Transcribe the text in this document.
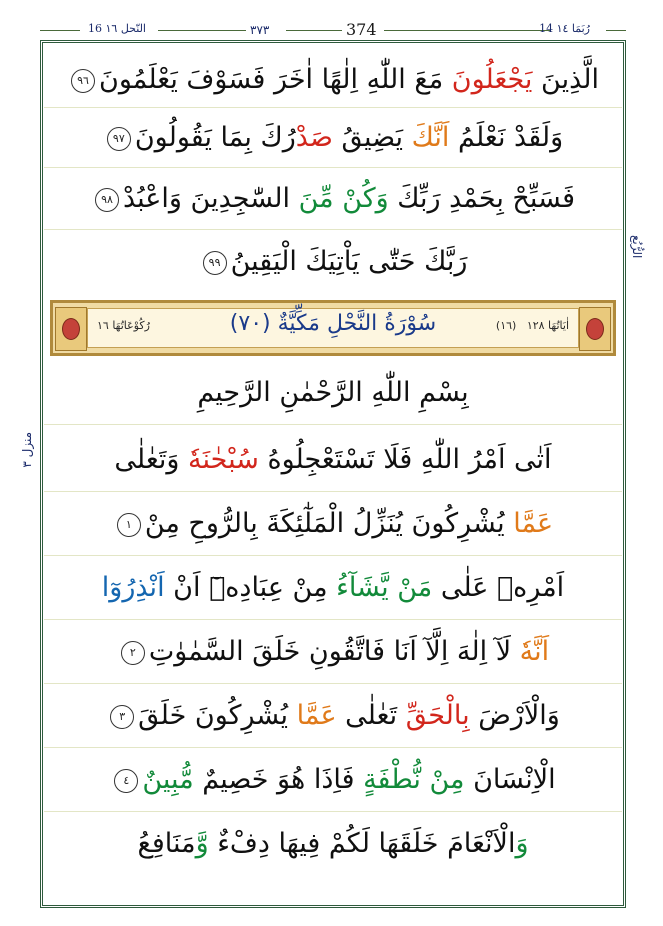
16 النّحل ١٦	٣٧٣	374	14 رُبَمَا ١٤
الَّذِينَ يَجْعَلُونَ مَعَ اللّٰهِ اِلٰهًا اٰخَرَ فَسَوْفَ يَعْلَمُونَ٩٦
وَلَقَدْ نَعْلَمُ اَنَّكَ يَضِيقُ صَدْرُكَ بِمَا يَقُولُونَ٩٧
فَسَبِّحْ بِحَمْدِ رَبِّكَ وَكُنْ مِّنَ السّٰجِدِينَ وَاعْبُدْ٩٨
رَبَّكَ حَتّٰى يَاْتِيَكَ الْيَقِينُ٩٩
سُوْرَةُ النَّحْلِ مَكِّيَّةٌ (٧٠)
رُكُوْعَاتُهَا ١٦	اٰيَاتُهَا ١٢٨   (١٦)
بِسْمِ اللّٰهِ الرَّحْمٰنِ الرَّحِيمِ
اَتٰى اَمْرُ اللّٰهِ فَلَا تَسْتَعْجِلُوهُ سُبْحٰنَهٗ وَتَعٰلٰى
عَمَّا يُشْرِكُونَ يُنَزِّلُ الْمَلٰٓئِكَةَ بِالرُّوحِ مِنْ١
اَمْرِهٖ عَلٰى مَنْ يَّشَآءُ مِنْ عِبَادِهٖٓ اَنْ اَنْذِرُوٓا
اَنَّهٗ لَآ اِلٰهَ اِلَّآ اَنَا فَاتَّقُونِ خَلَقَ السَّمٰوٰتِ٢
وَالْاَرْضَ بِالْحَقِّ تَعٰلٰى عَمَّا يُشْرِكُونَ خَلَقَ٣
الْاِنْسَانَ مِنْ نُّطْفَةٍ فَاِذَا هُوَ خَصِيمٌ مُّبِينٌ٤
وَالْاَنْعَامَ خَلَقَهَا لَكُمْ فِيهَا دِفْءٌ وَّمَنَافِعُ
الرُّبُع
منزل ٣
